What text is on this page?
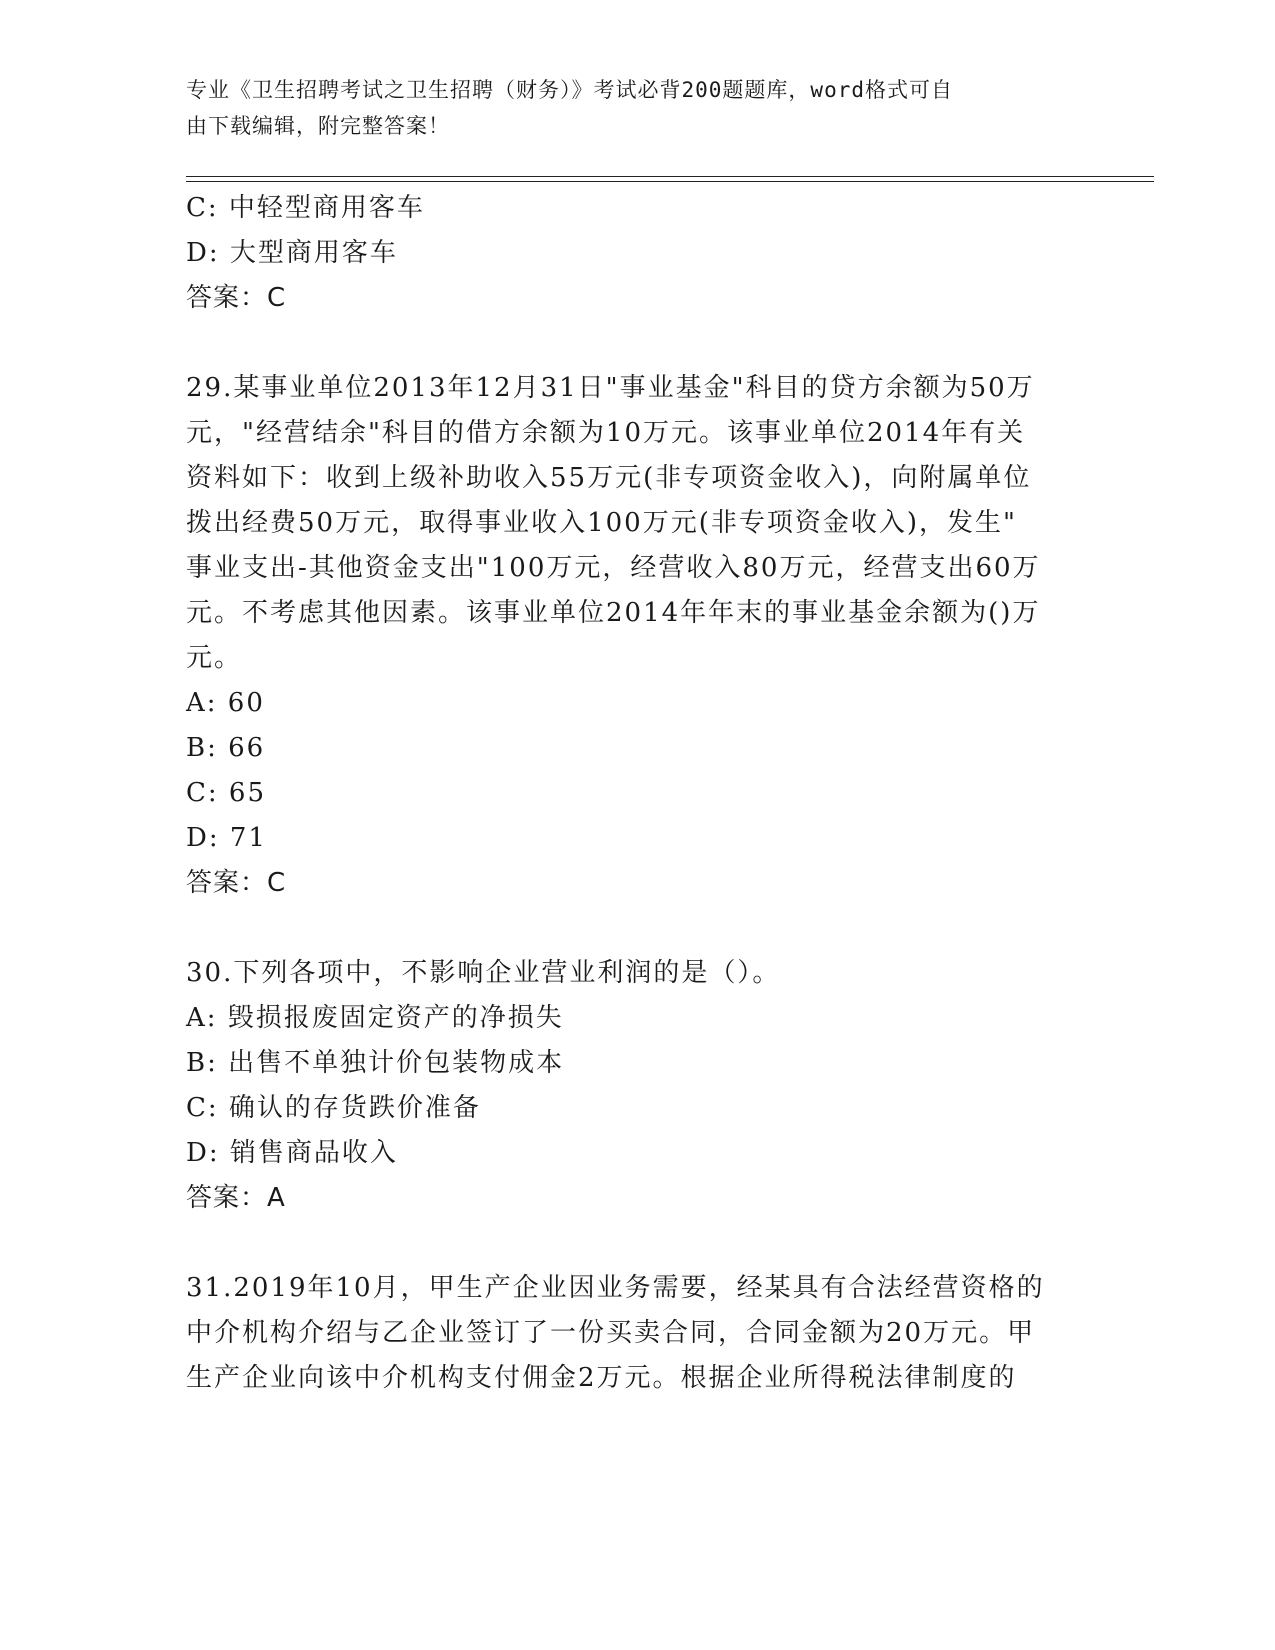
专业《卫生招聘考试之卫生招聘（财务）》考试必背200题题库，word格式可自
由下载编辑，附完整答案！
C: 中轻型商用客车
D: 大型商用客车
答案：C
29.某事业单位2013年12月31日"事业基金"科目的贷方余额为50万
元，"经营结余"科目的借方余额为10万元。该事业单位2014年有关
资料如下：收到上级补助收入55万元(非专项资金收入)，向附属单位
拨出经费50万元，取得事业收入100万元(非专项资金收入)，发生"
事业支出-其他资金支出"100万元，经营收入80万元，经营支出60万
元。不考虑其他因素。该事业单位2014年年末的事业基金余额为()万
元。
A: 60
B: 66
C: 65
D: 71
答案：C
30.下列各项中，不影响企业营业利润的是（）。
A: 毁损报废固定资产的净损失
B: 出售不单独计价包装物成本
C: 确认的存货跌价准备
D: 销售商品收入
答案：A
31.2019年10月，甲生产企业因业务需要，经某具有合法经营资格的
中介机构介绍与乙企业签订了一份买卖合同，合同金额为20万元。甲
生产企业向该中介机构支付佣金2万元。根据企业所得税法律制度的
